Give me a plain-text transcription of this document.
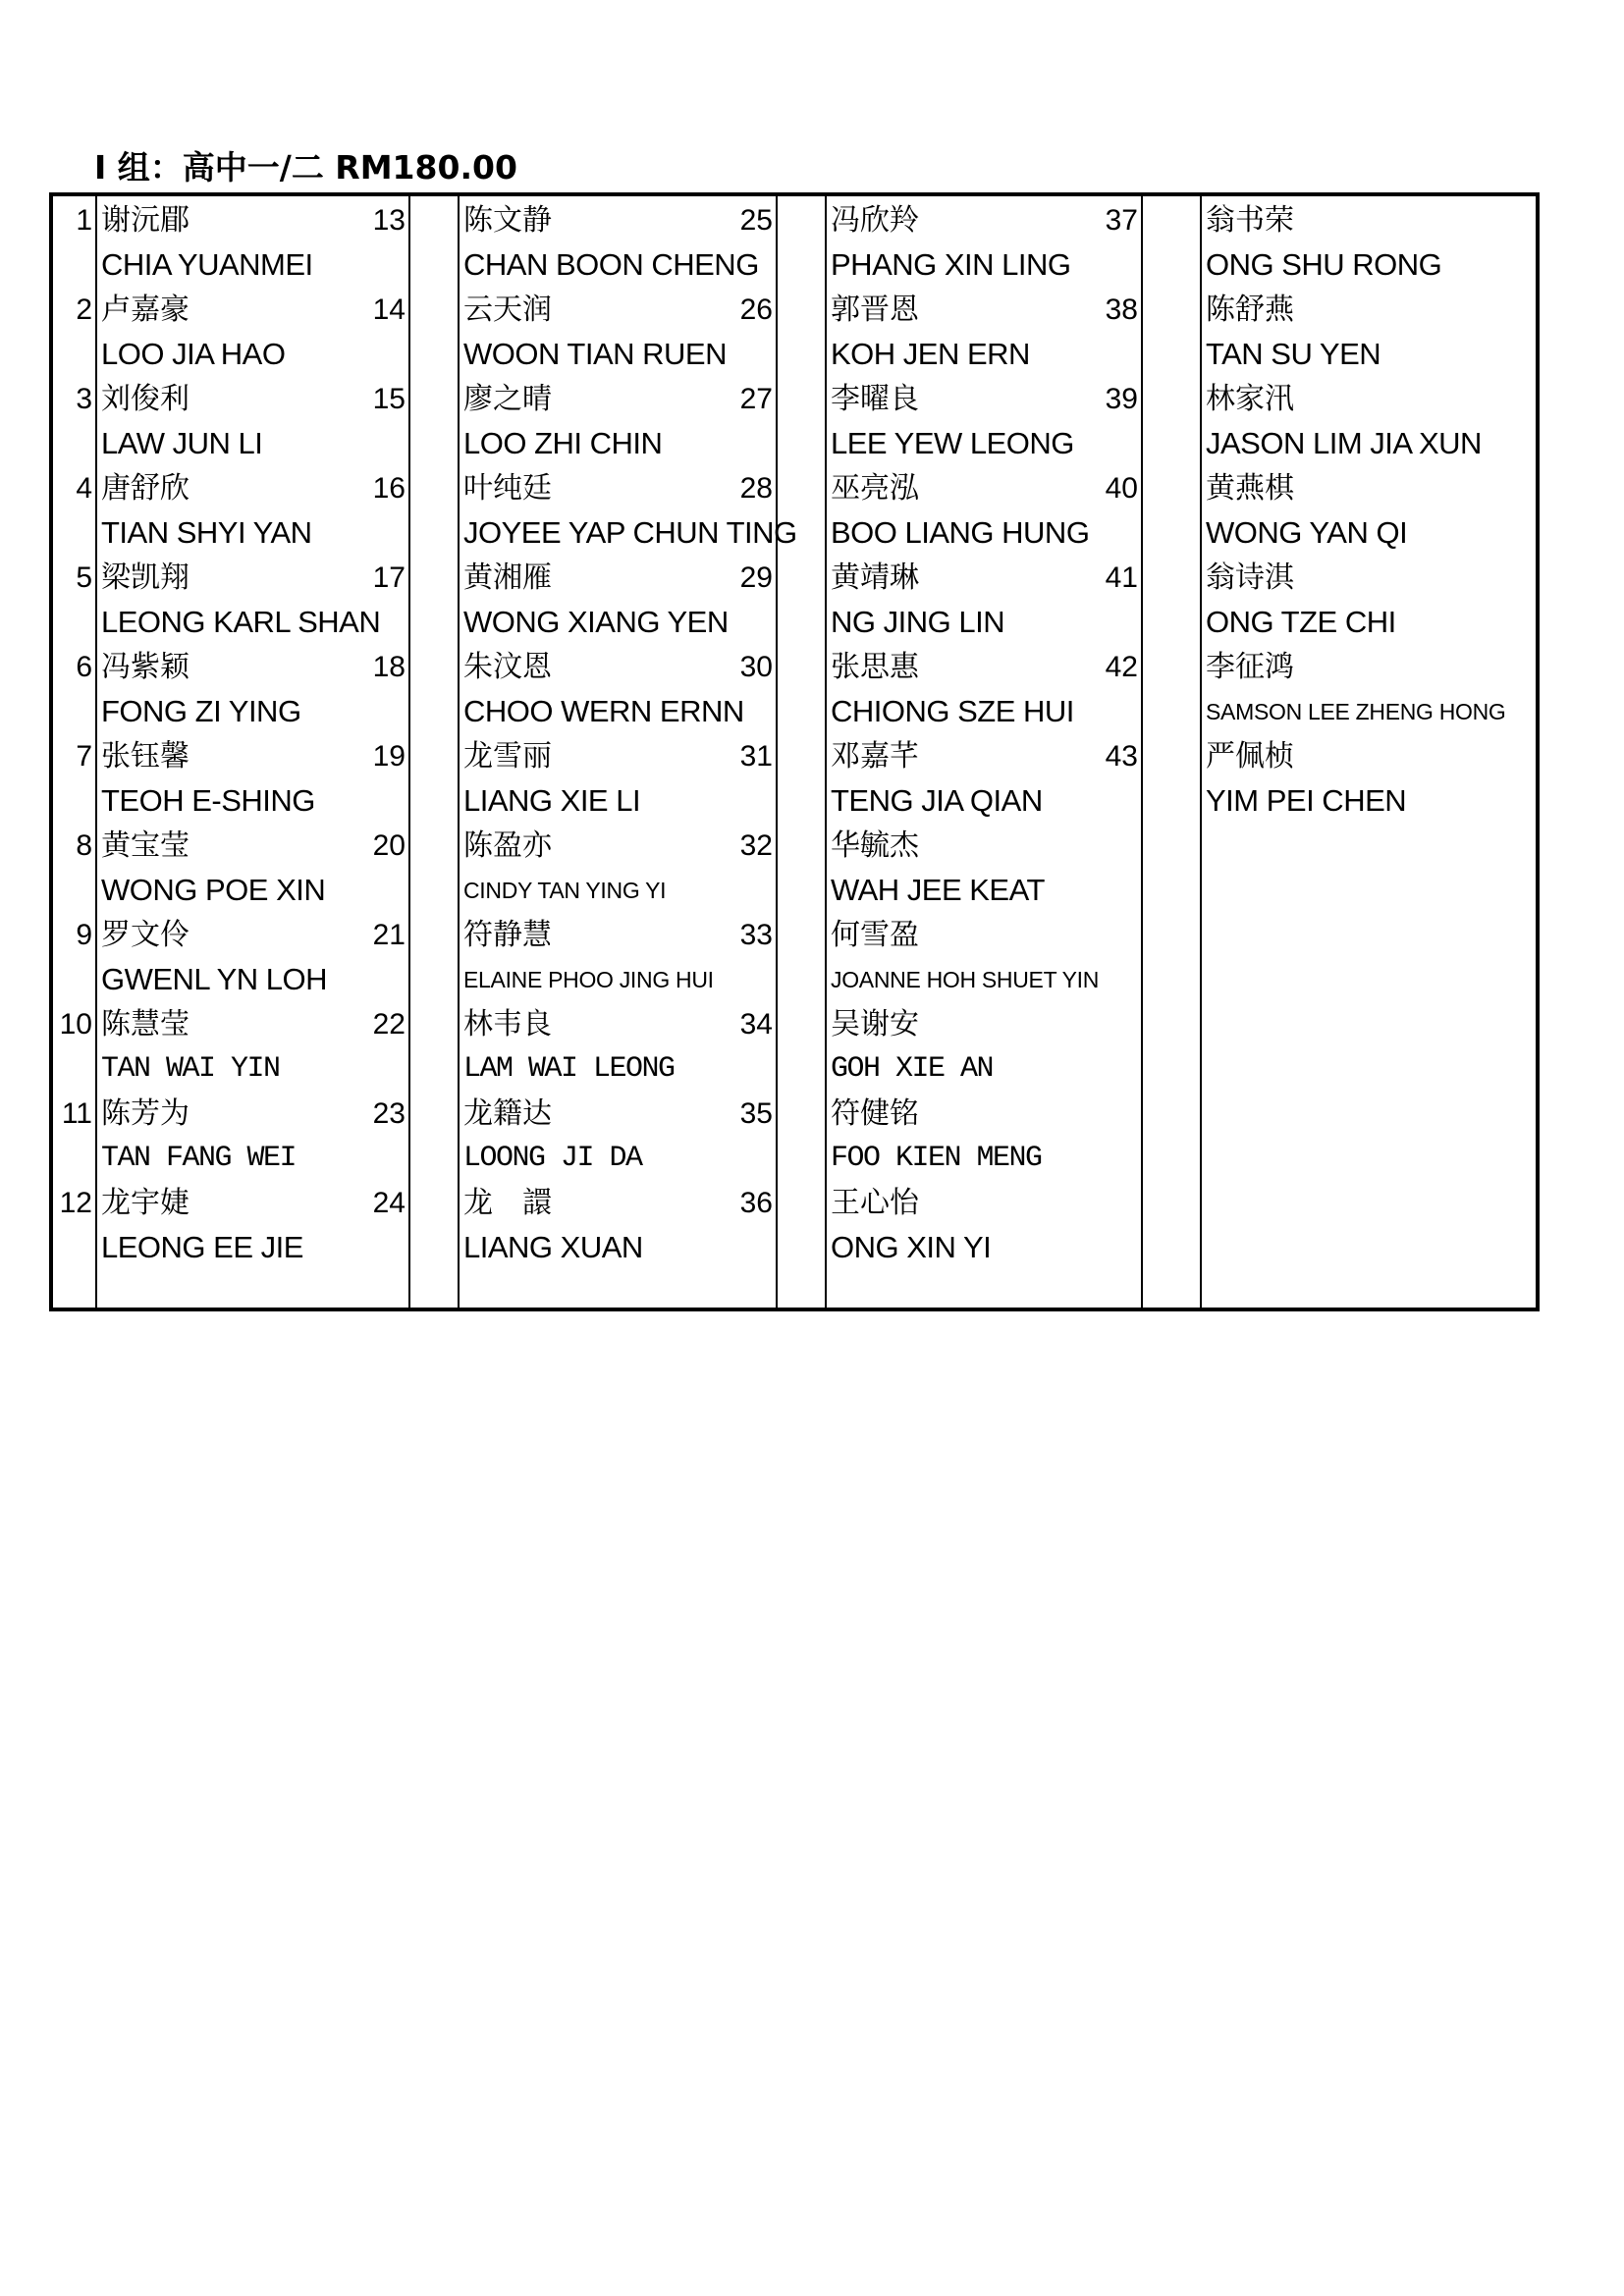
I 组：高中一/二 RM180.00
1 谢沅郿
CHIA YUANMEI
2 卢嘉豪
LOO JIA HAO
3 刘俊利
LAW JUN LI
4 唐舒欣
TIAN SHYI YAN
5 梁凯翔
LEONG KARL SHAN
6 冯紫颖
FONG ZI YING
7 张钰馨
TEOH E-SHING
8 黄宝莹
WONG POE XIN
9 罗文伶
GWENL YN LOH
10 陈慧莹
TAN WAI YIN
11 陈芳为
TAN FANG WEI
12 龙宇婕
LEONG EE JIE
13 陈文静
CHAN BOON CHENG
14 云天润
WOON TIAN RUEN
15 廖之晴
LOO ZHI CHIN
16 叶纯廷
JOYEE YAP CHUN TING
17 黄湘雁
WONG XIANG YEN
18 朱汶恩
CHOO WERN ERNN
19 龙雪丽
LIANG XIE LI
20 陈盈亦
CINDY TAN YING YI
21 符静慧
ELAINE PHOO JING HUI
22 林韦良
LAM WAI LEONG
23 龙籍达
LOONG JI DA
24 龙　譞
LIANG XUAN
25 冯欣羚
PHANG XIN LING
26 郭晋恩
KOH JEN ERN
27 李曜良
LEE YEW LEONG
28 巫亮泓
BOO LIANG HUNG
29 黄靖琳
NG JING LIN
30 张思惠
CHIONG SZE HUI
31 邓嘉芊
TENG JIA QIAN
32 华毓杰
WAH JEE KEAT
33 何雪盈
JOANNE HOH SHUET YIN
34 吴谢安
GOH XIE AN
35 符健铭
FOO KIEN MENG
36 王心怡
ONG XIN YI
37 翁书荣
ONG SHU RONG
38 陈舒燕
TAN SU YEN
39 林家汛
JASON LIM JIA XUN
40 黄燕棋
WONG YAN QI
41 翁诗淇
ONG TZE CHI
42 李征鸿
SAMSON LEE ZHENG HONG
43 严佩桢
YIM PEI CHEN
